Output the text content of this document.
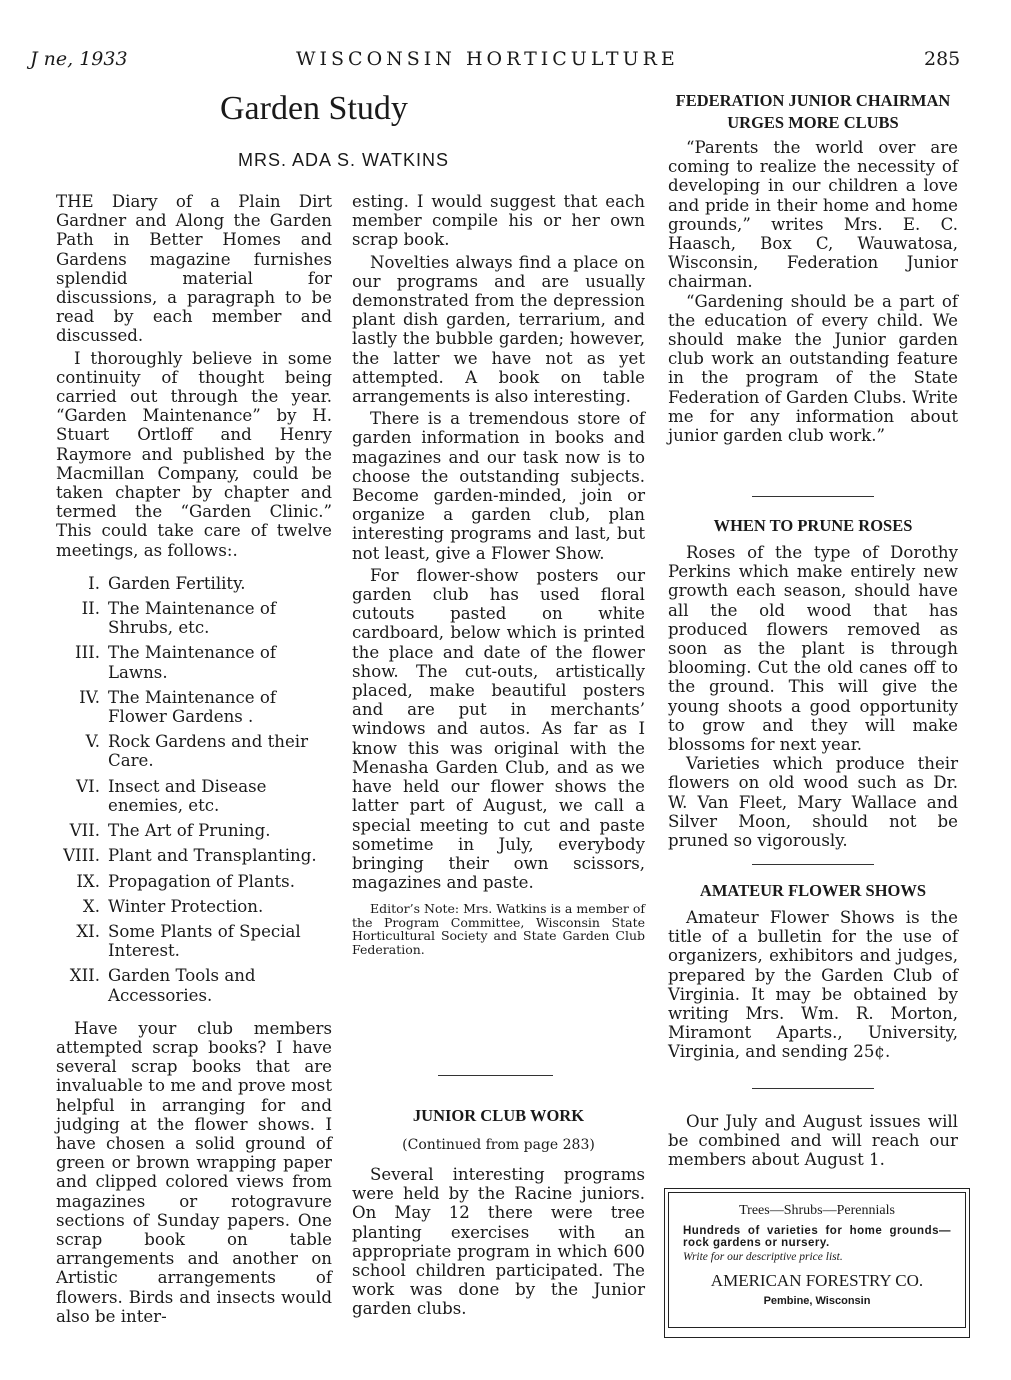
J ne, 1933	WISCONSIN HORTICULTURE	285
Garden Study
MRS. ADA S. WATKINS

THE Diary of a Plain Dirt Gardner and Along the Garden Path in Better Homes and Gardens magazine furnishes splendid material for discussions, a paragraph to be read by each member and discussed.

I thoroughly believe in some continuity of thought being carried out through the year. “Garden Maintenance” by H. Stuart Ortloff and Henry Raymore and published by the Macmillan Company, could be taken chapter by chapter and termed the “Garden Clinic.” This could take care of twelve meetings, as follows:.

I. Garden Fertility.
II. The Maintenance of Shrubs, etc.
III. The Maintenance of Lawns.
IV. The Maintenance of Flower Gardens .
V. Rock Gardens and their Care.
VI. Insect and Disease enemies, etc.
VII. The Art of Pruning.
VIII. Plant and Transplanting.
IX. Propagation of Plants.
X. Winter Protection.
XI. Some Plants of Special Interest.
XII. Garden Tools and Accessories.

Have your club members attempted scrap books? I have several scrap books that are invaluable to me and prove most helpful in arranging for and judging at the flower shows. I have chosen a solid ground of green or brown wrapping paper and clipped colored views from magazines or rotogravure sections of Sunday papers. One scrap book on table arrangements and another on Artistic arrangements of flowers. Birds and insects would also be inter-

esting. I would suggest that each member compile his or her own scrap book.

Novelties always find a place on our programs and are usually demonstrated from the depression plant dish garden, terrarium, and lastly the bubble garden; however, the latter we have not as yet attempted. A book on table arrangements is also interesting.

There is a tremendous store of garden information in books and magazines and our task now is to choose the outstanding subjects. Become garden-minded, join or organize a garden club, plan interesting programs and last, but not least, give a Flower Show.

For flower-show posters our garden club has used floral cutouts pasted on white cardboard, below which is printed the place and date of the flower show. The cut-outs, artistically placed, make beautiful posters and are put in merchants’ windows and autos. As far as I know this was original with the Menasha Garden Club, and as we have held our flower shows the latter part of August, we call a special meeting to cut and paste sometime in July, everybody bringing their own scissors, magazines and paste.

Editor’s Note: Mrs. Watkins is a member of the Program Committee, Wisconsin State Horticultural Society and State Garden Club Federation.

JUNIOR CLUB WORK
(Continued from page 283)

Several interesting programs were held by the Racine juniors. On May 12 there were tree planting exercises with an appropriate program in which 600 school children participated. The work was done by the Junior garden clubs.

FEDERATION JUNIOR CHAIRMAN URGES MORE CLUBS

“Parents the world over are coming to realize the necessity of developing in our children a love and pride in their home and home grounds,” writes Mrs. E. C. Haasch, Box C, Wauwatosa, Wisconsin, Federation Junior chairman.

“Gardening should be a part of the education of every child. We should make the Junior garden club work an outstanding feature in the program of the State Federation of Garden Clubs. Write me for any information about junior garden club work.”

WHEN TO PRUNE ROSES

Roses of the type of Dorothy Perkins which make entirely new growth each season, should have all the old wood that has produced flowers removed as soon as the plant is through blooming. Cut the old canes off to the ground. This will give the young shoots a good opportunity to grow and they will make blossoms for next year.

Varieties which produce their flowers on old wood such as Dr. W. Van Fleet, Mary Wallace and Silver Moon, should not be pruned so vigorously.

AMATEUR FLOWER SHOWS

Amateur Flower Shows is the title of a bulletin for the use of organizers, exhibitors and judges, prepared by the Garden Club of Virginia. It may be obtained by writing Mrs. Wm. R. Morton, Miramont Aparts., University, Virginia, and sending 25¢.

Our July and August issues will be combined and will reach our members about August 1.

Trees—Shrubs—Perennials
Hundreds of varieties for home grounds—rock gardens or nursery.
Write for our descriptive price list.
AMERICAN FORESTRY CO.
Pembine, Wisconsin
